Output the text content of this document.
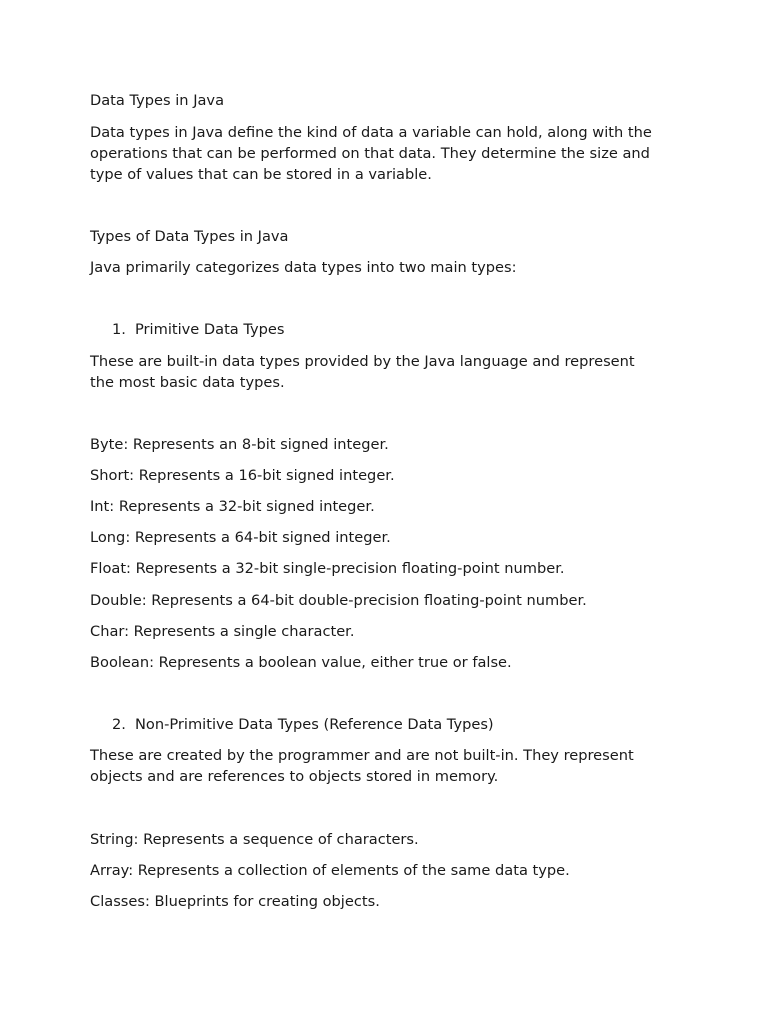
Data Types in Java

Data types in Java define the kind of data a variable can hold, along with the

operations that can be performed on that data. They determine the size and

type of values that can be stored in a variable.

Types of Data Types in Java

Java primarily categorizes data types into two main types:

1. Primitive Data Types

These are built-in data types provided by the Java language and represent

the most basic data types.

Byte: Represents an 8-bit signed integer.

Short: Represents a 16-bit signed integer.

Int: Represents a 32-bit signed integer.

Long: Represents a 64-bit signed integer.

Float: Represents a 32-bit single-precision floating-point number.

Double: Represents a 64-bit double-precision floating-point number.

Char: Represents a single character.

Boolean: Represents a boolean value, either true or false.

2. Non-Primitive Data Types (Reference Data Types)

These are created by the programmer and are not built-in. They represent

objects and are references to objects stored in memory.

String: Represents a sequence of characters.

Array: Represents a collection of elements of the same data type.

Classes: Blueprints for creating objects.
